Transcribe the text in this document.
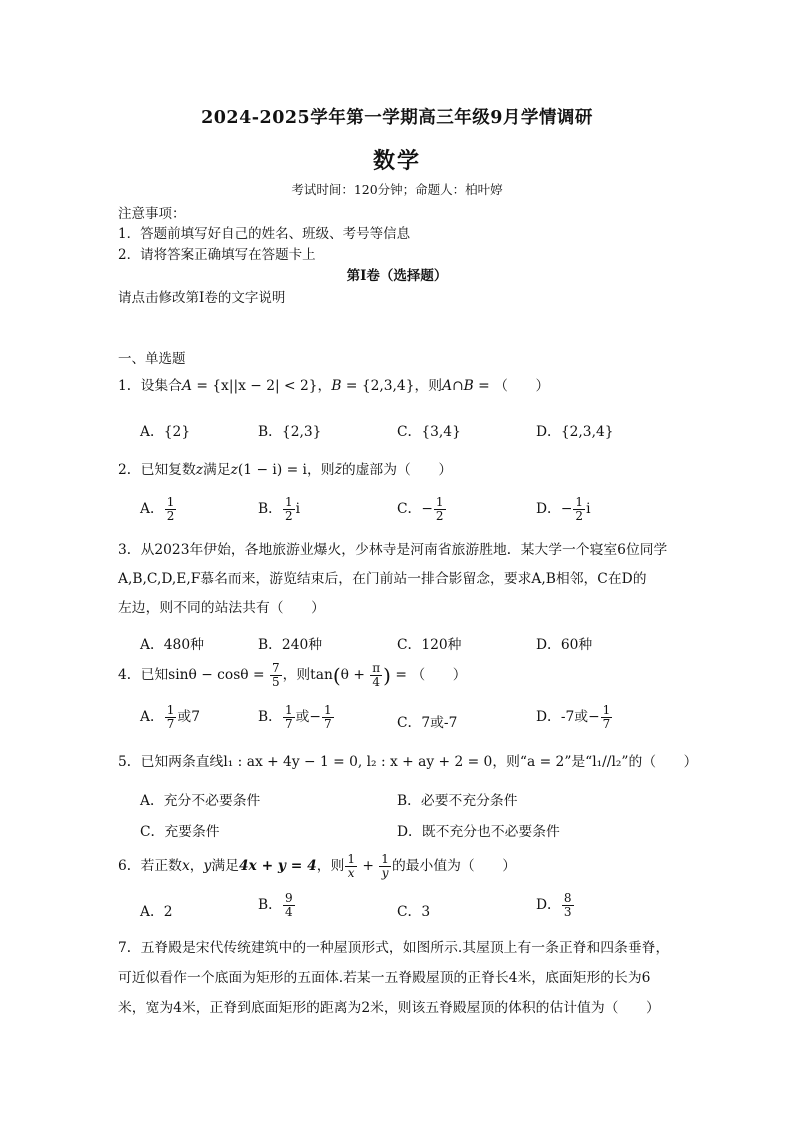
2024-2025学年第一学期高三年级9月学情调研
数学
考试时间：120分钟；命题人：柏叶婷
注意事项：
1．答题前填写好自己的姓名、班级、考号等信息
2．请将答案正确填写在答题卡上
第I卷（选择题）
请点击修改第I卷的文字说明
一、单选题
1．设集合A = {x||x − 2| < 2}，B = {2,3,4}，则A∩B = （　　）
A．{2}	B．{2,3}	C．{3,4}	D．{2,3,4}
2．已知复数z满足z(1 − i) = i，则z̄的虚部为（　　）
A． $\frac{1}{2}$	B． $\frac{1}{2}$ i	C．− $\frac{1}{2}$	D．− $\frac{1}{2}$ i
3．从2023年伊始，各地旅游业爆火，少林寺是河南省旅游胜地．某大学一个寝室6位同学
A,B,C,D,E,F慕名而来，游览结束后，在门前站一排合影留念，要求A,B相邻，C在D的
左边，则不同的站法共有（　　）
A．480种	B．240种	C．120种	D．60种
4．已知$\sin\theta - \cos\theta = \frac{7}{5}$ ，则$\tan(\theta + \frac{\pi}{4}$ ) = （　　）
A． $\frac{1}{7}$ 或7	B． $\frac{1}{7}$ 或− $\frac{1}{7}$	C．7或-7	D．-7或− $\frac{1}{7}$
5．已知两条直线l₁ : ax + 4y − 1 = 0, l₂ : x + ay + 2 = 0，则“a = 2”是“l₁//l₂”的（　　）
A．充分不必要条件	B．必要不充分条件
C．充要条件	D．既不充分也不必要条件
6．若正数x，y满足4x + y = 4，则 $\frac{1}{x} + \frac{1}{y}$ 的最小值为（　　）
A．2	B． $\frac{9}{4}$	C．3	D． $\frac{8}{3}$
7．五脊殿是宋代传统建筑中的一种屋顶形式，如图所示.其屋顶上有一条正脊和四条垂脊，
可近似看作一个底面为矩形的五面体.若某一五脊殿屋顶的正脊长4米，底面矩形的长为6
米，宽为4米，正脊到底面矩形的距离为2米，则该五脊殿屋顶的体积的估计值为（　　）
